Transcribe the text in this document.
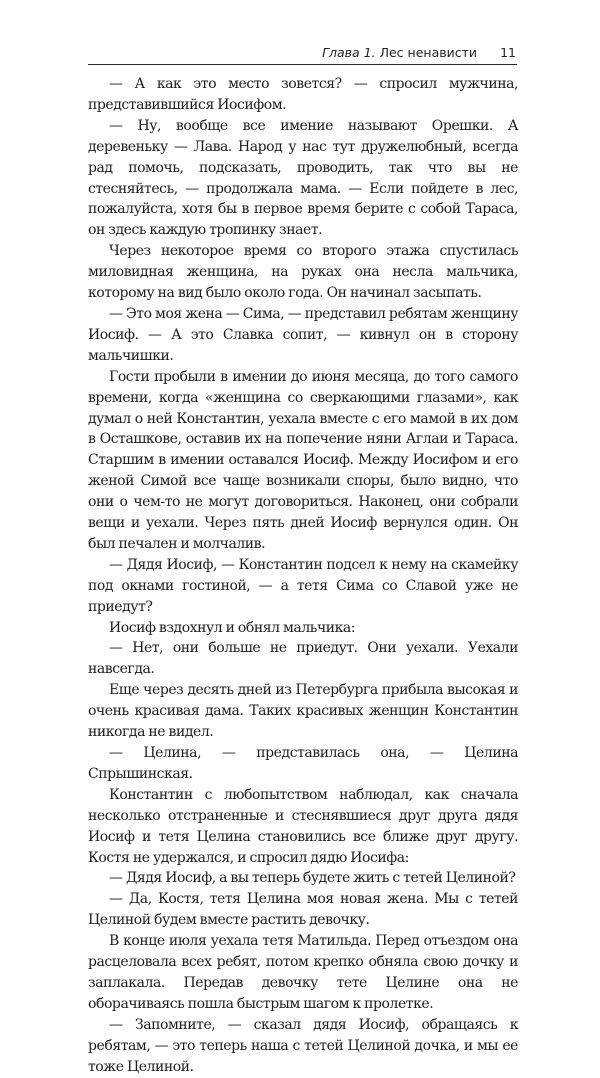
Глава 1. Лес ненависти 11

— А как это место зовется? — спросил мужчина, представившийся Иосифом.

— Ну, вообще все имение называют Орешки. А деревеньку — Лава. Народ у нас тут дружелюбный, всегда рад помочь, подсказать, проводить, так что вы не стесняйтесь, — продолжала мама. — Если пойдете в лес, пожалуйста, хотя бы в первое время берите с собой Тараса, он здесь каждую тропинку знает.

Через некоторое время со второго этажа спустилась миловидная женщина, на руках она несла мальчика, которому на вид было около года. Он начинал засыпать.

— Это моя жена — Сима, — представил ребятам женщину Иосиф. — А это Славка сопит, — кивнул он в сторону мальчишки.

Гости пробыли в имении до июня месяца, до того самого времени, когда «женщина со сверкающими глазами», как думал о ней Константин, уехала вместе с его мамой в их дом в Осташкове, оставив их на попечение няни Аглаи и Тараса. Старшим в имении оставался Иосиф. Между Иосифом и его женой Симой все чаще возникали споры, было видно, что они о чем-то не могут договориться. Наконец, они собрали вещи и уехали. Через пять дней Иосиф вернулся один. Он был печален и молчалив.

— Дядя Иосиф, — Константин подсел к нему на скамейку под окнами гостиной, — а тетя Сима со Славой уже не приедут?

Иосиф вздохнул и обнял мальчика:

— Нет, они больше не приедут. Они уехали. Уехали навсегда.

Еще через десять дней из Петербурга прибыла высокая и очень красивая дама. Таких красивых женщин Константин никогда не видел.

— Целина, — представилась она, — Целина Спрышинская.

Константин с любопытством наблюдал, как сначала несколько отстраненные и стеснявшиеся друг друга дядя Иосиф и тетя Целина становились все ближе друг другу. Костя не удержался, и спросил дядю Иосифа:

— Дядя Иосиф, а вы теперь будете жить с тетей Целиной?

— Да, Костя, тетя Целина моя новая жена. Мы с тетей Целиной будем вместе растить девочку.

В конце июля уехала тетя Матильда. Перед отъездом она расцеловала всех ребят, потом крепко обняла свою дочку и заплакала. Передав девочку тете Целине она не оборачиваясь пошла быстрым шагом к пролетке.

— Запомните, — сказал дядя Иосиф, обращаясь к ребятам, — это теперь наша с тетей Целиной дочка, и мы ее тоже Целиной.
